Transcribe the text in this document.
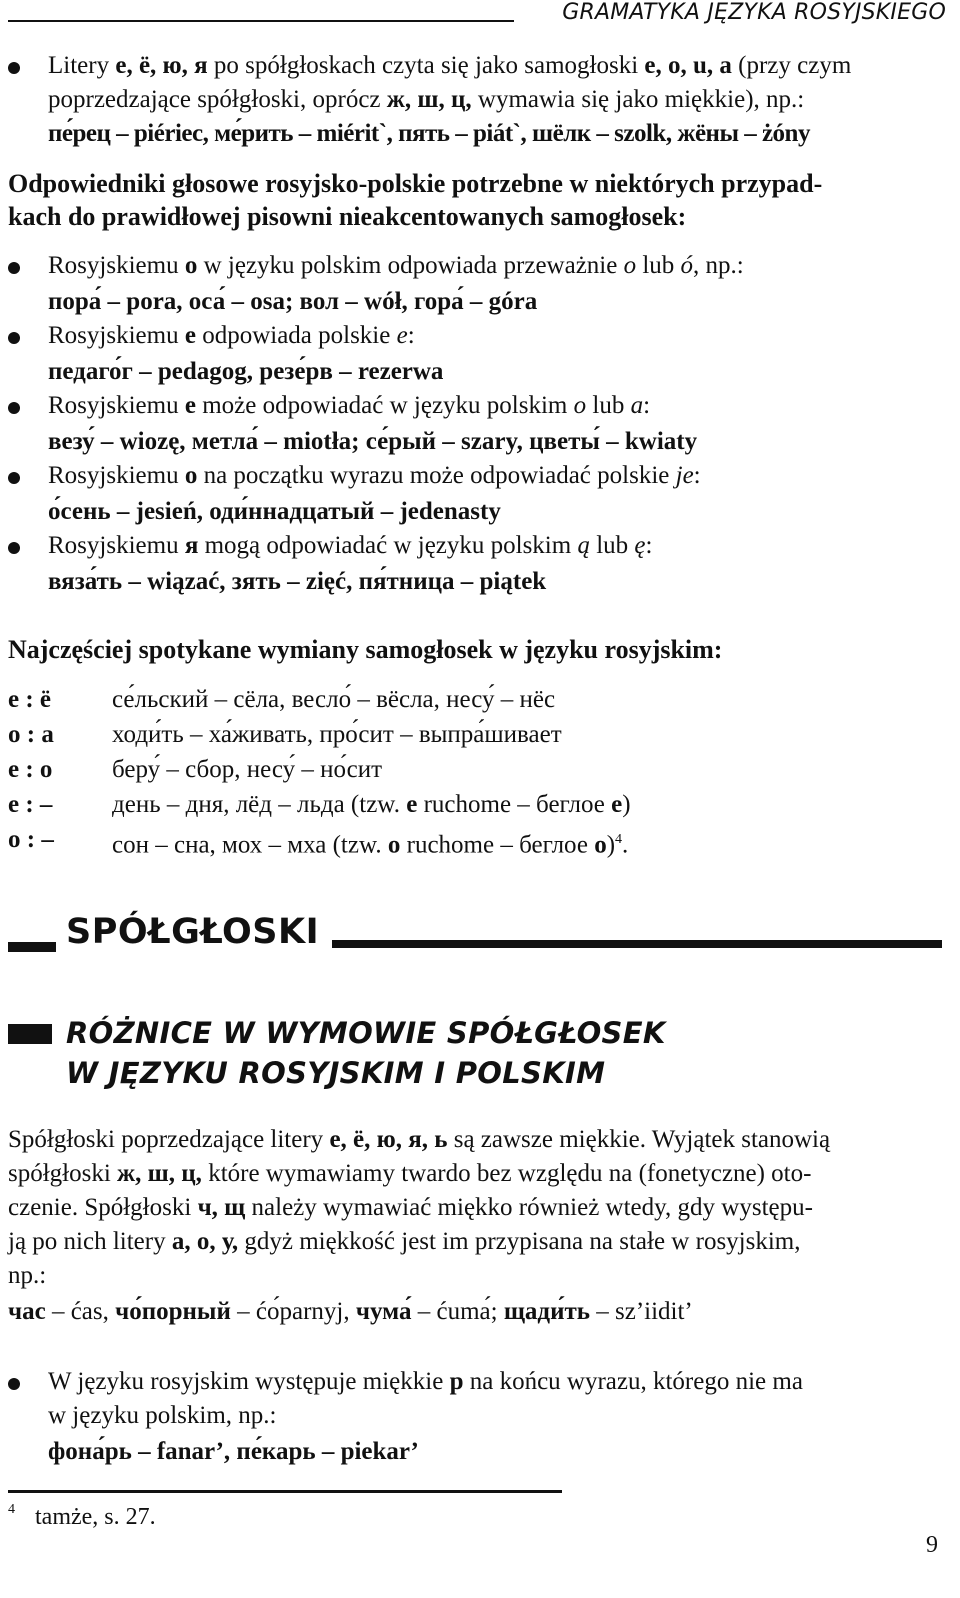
GRAMATYKA JĘZYKA ROSYJSKIEGO
Litery е, ё, ю, я po spółgłoskach czyta się jako samogłoski e, o, u, a (przy czym
poprzedzające spółgłoski, oprócz ж, ш, ц, wymawia się jako miękkie), np.:
пе́рец – piériec, ме́рить – miérit`, пять – piát`, шёлк – szolk, жёны – żóny
Odpowiedniki głosowe rosyjsko-polskie potrzebne w niektórych przypad-
kach do prawidłowej pisowni nieakcentowanych samogłosek:
Rosyjskiemu о w języku polskim odpowiada przeważnie o lub ó, np.:
пора́ – pora, оса́ – osa; вол – wół, гора́ – góra
Rosyjskiemu е odpowiada polskie e:
педаго́г – pedagog, резе́рв – rezerwa
Rosyjskiemu е może odpowiadać w języku polskim o lub a:
везу́ – wiozę, метла́ – miotła; се́рый – szary, цветы́ – kwiaty
Rosyjskiemu о na początku wyrazu może odpowiadać polskie je:
о́сень – jesień, оди́ннадцатый – jedenasty
Rosyjskiemu я mogą odpowiadać w języku polskim ą lub ę:
вяза́ть – wiązać, зять – zięć, пя́тница – piątek
Najczęściej spotykane wymiany samogłosek w języku rosyjskim:
е : ё се́льский – сёла, весло́ – вёсла, несу́ – нёс
о : а ходи́ть – ха́живать, про́сит – выпра́шивает
е : о беру́ – сбор, несу́ – но́сит
е : – день – дня, лёд – льда (tzw. е ruchome – беглое е)
о : – сон – сна, мох – мха (tzw. о ruchome – беглое о)$^4$.
SPÓŁGŁOSKI
RÓŻNICE W WYMOWIE SPÓŁGŁOSEK
W JĘZYKU ROSYJSKIM I POLSKIM
Spółgłoski poprzedzające litery е, ё, ю, я, ь są zawsze miękkie. Wyjątek stanowią
spółgłoski ж, ш, ц, które wymawiamy twardo bez względu na (fonetyczne) oto-
czenie. Spółgłoski ч, щ należy wymawiać miękko również wtedy, gdy występu-
ją po nich litery а, о, у, gdyż miękkość jest im przypisana na stałe w rosyjskim,
np.:
час – ćas, чо́порный – ćо́parnyj, чума́ – ćumа́; щади́ть – sz’iidit’
W języku rosyjskim występuje miękkie р na końcu wyrazu, którego nie ma
w języku polskim, np.:
фона́рь – fanar’, пе́карь – piekar’
$^4$ tamże, s. 27.
9
